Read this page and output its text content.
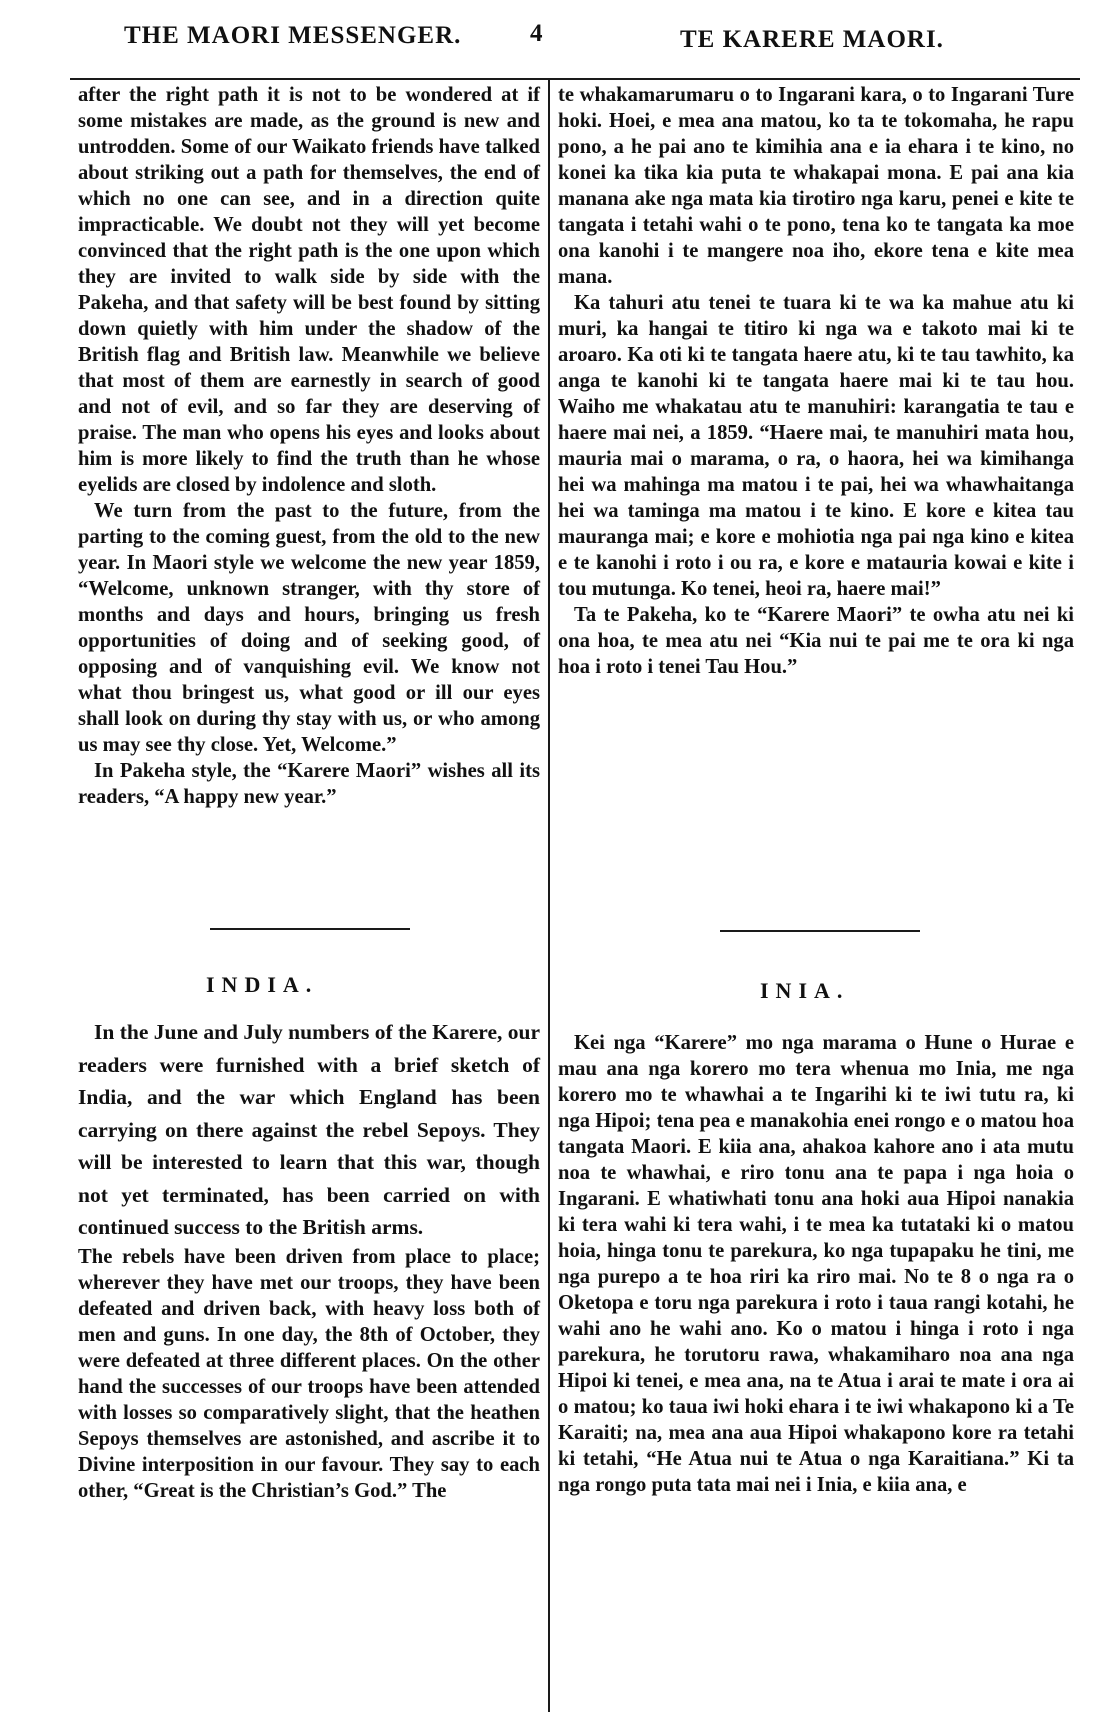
THE MAORI MESSENGER.	4	TE KARERE MAORI.

after the right path it is not to be wondered at if some mistakes are made, as the ground is new and untrodden. Some of our Waikato friends have talked about striking out a path for themselves, the end of which no one can see, and in a direction quite impracticable. We doubt not they will yet become convinced that the right path is the one upon which they are invited to walk side by side with the Pakeha, and that safety will be best found by sitting down quietly with him under the shadow of the British flag and British law. Meanwhile we believe that most of them are earnestly in search of good and not of evil, and so far they are deserving of praise. The man who opens his eyes and looks about him is more likely to find the truth than he whose eyelids are closed by indolence and sloth.

We turn from the past to the future, from the parting to the coming guest, from the old to the new year. In Maori style we welcome the new year 1859, “Welcome, unknown stranger, with thy store of months and days and hours, bringing us fresh opportunities of doing and of seeking good, of opposing and of vanquishing evil. We know not what thou bringest us, what good or ill our eyes shall look on during thy stay with us, or who among us may see thy close. Yet, Welcome.”

In Pakeha style, the “Karere Maori” wishes all its readers, “A happy new year.”

INDIA.

In the June and July numbers of the Karere, our readers were furnished with a brief sketch of India, and the war which England has been carrying on there against the rebel Sepoys. They will be interested to learn that this war, though not yet terminated, has been carried on with continued success to the British arms.

The rebels have been driven from place to place; wherever they have met our troops, they have been defeated and driven back, with heavy loss both of men and guns. In one day, the 8th of October, they were defeated at three different places. On the other hand the successes of our troops have been attended with losses so comparatively slight, that the heathen Sepoys themselves are astonished, and ascribe it to Divine interposition in our favour. They say to each other, “Great is the Christian’s God.” The

te whakamarumaru o to Ingarani kara, o to Ingarani Ture hoki. Hoei, e mea ana matou, ko ta te tokomaha, he rapu pono, a he pai ano te kimihia ana e ia ehara i te kino, no konei ka tika kia puta te whakapai mona. E pai ana kia manana ake nga mata kia tirotiro nga karu, penei e kite te tangata i tetahi wahi o te pono, tena ko te tangata ka moe ona kanohi i te mangere noa iho, ekore tena e kite mea mana.

Ka tahuri atu tenei te tuara ki te wa ka mahue atu ki muri, ka hangai te titiro ki nga wa e takoto mai ki te aroaro. Ka oti ki te tangata haere atu, ki te tau tawhito, ka anga te kanohi ki te tangata haere mai ki te tau hou. Waiho me whakatau atu te manuhiri: karangatia te tau e haere mai nei, a 1859. “Haere mai, te manuhiri mata hou, mauria mai o marama, o ra, o haora, hei wa kimihanga hei wa mahinga ma matou i te pai, hei wa whawhaitanga hei wa taminga ma matou i te kino. E kore e kitea tau mauranga mai; e kore e mohiotia nga pai nga kino e kitea e te kanohi i roto i ou ra, e kore e matauria kowai e kite i tou mutunga. Ko tenei, heoi ra, haere mai!”

Ta te Pakeha, ko te “Karere Maori” te owha atu nei ki ona hoa, te mea atu nei “Kia nui te pai me te ora ki nga hoa i roto i tenei Tau Hou.”

INIA.

Kei nga “Karere” mo nga marama o Hune o Hurae e mau ana nga korero mo tera whenua mo Inia, me nga korero mo te whawhai a te Ingarihi ki te iwi tutu ra, ki nga Hipoi; tena pea e manakohia enei rongo e o matou hoa tangata Maori. E kiia ana, ahakoa kahore ano i ata mutu noa te whawhai, e riro tonu ana te papa i nga hoia o Ingarani. E whatiwhati tonu ana hoki aua Hipoi nanakia ki tera wahi ki tera wahi, i te mea ka tutataki ki o matou hoia, hinga tonu te parekura, ko nga tupapaku he tini, me nga purepo a te hoa riri ka riro mai. No te 8 o nga ra o Oketopa e toru nga parekura i roto i taua rangi kotahi, he wahi ano he wahi ano. Ko o matou i hinga i roto i nga parekura, he torutoru rawa, whakamiharo noa ana nga Hipoi ki tenei, e mea ana, na te Atua i arai te mate i ora ai o matou; ko taua iwi hoki ehara i te iwi whakapono ki a Te Karaiti; na, mea ana aua Hipoi whakapono kore ra tetahi ki tetahi, “He Atua nui te Atua o nga Karaitiana.” Ki ta nga rongo puta tata mai nei i Inia, e kiia ana, e
